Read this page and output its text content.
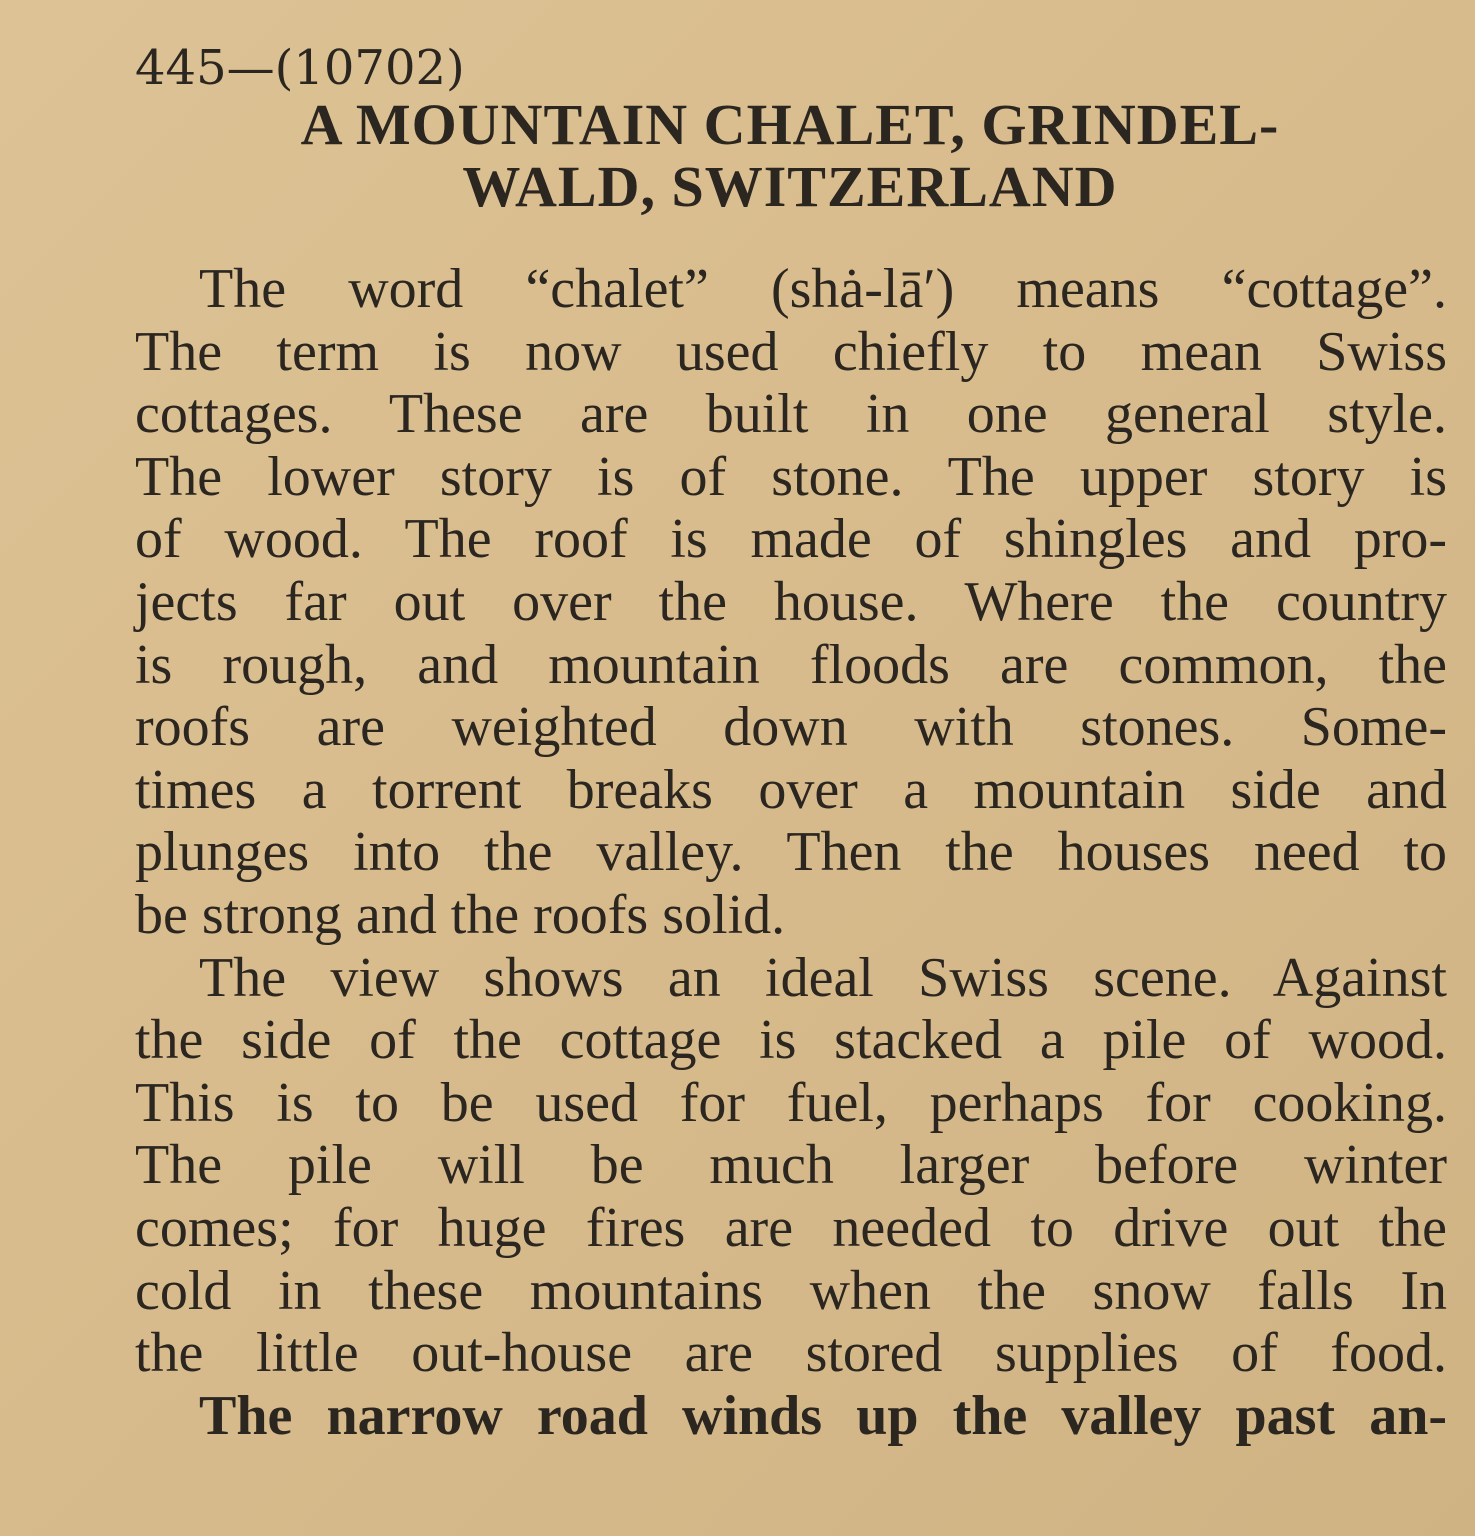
445—(10702)

A MOUNTAIN CHALET, GRINDEL-
WALD, SWITZERLAND
The word “chalet” (shȧ-lā′) means “cottage”.
The term is now used chiefly to mean Swiss
cottages. These are built in one general style.
The lower story is of stone. The upper story is
of wood. The roof is made of shingles and pro-
jects far out over the house. Where the country
is rough, and mountain floods are common, the
roofs are weighted down with stones. Some-
times a torrent breaks over a mountain side and
plunges into the valley. Then the houses need to
be strong and the roofs solid.
The view shows an ideal Swiss scene. Against
the side of the cottage is stacked a pile of wood.
This is to be used for fuel, perhaps for cooking.
The pile will be much larger before winter
comes; for huge fires are needed to drive out the
cold in these mountains when the snow falls In
the little out-house are stored supplies of food.
The narrow road winds up the valley past an-
